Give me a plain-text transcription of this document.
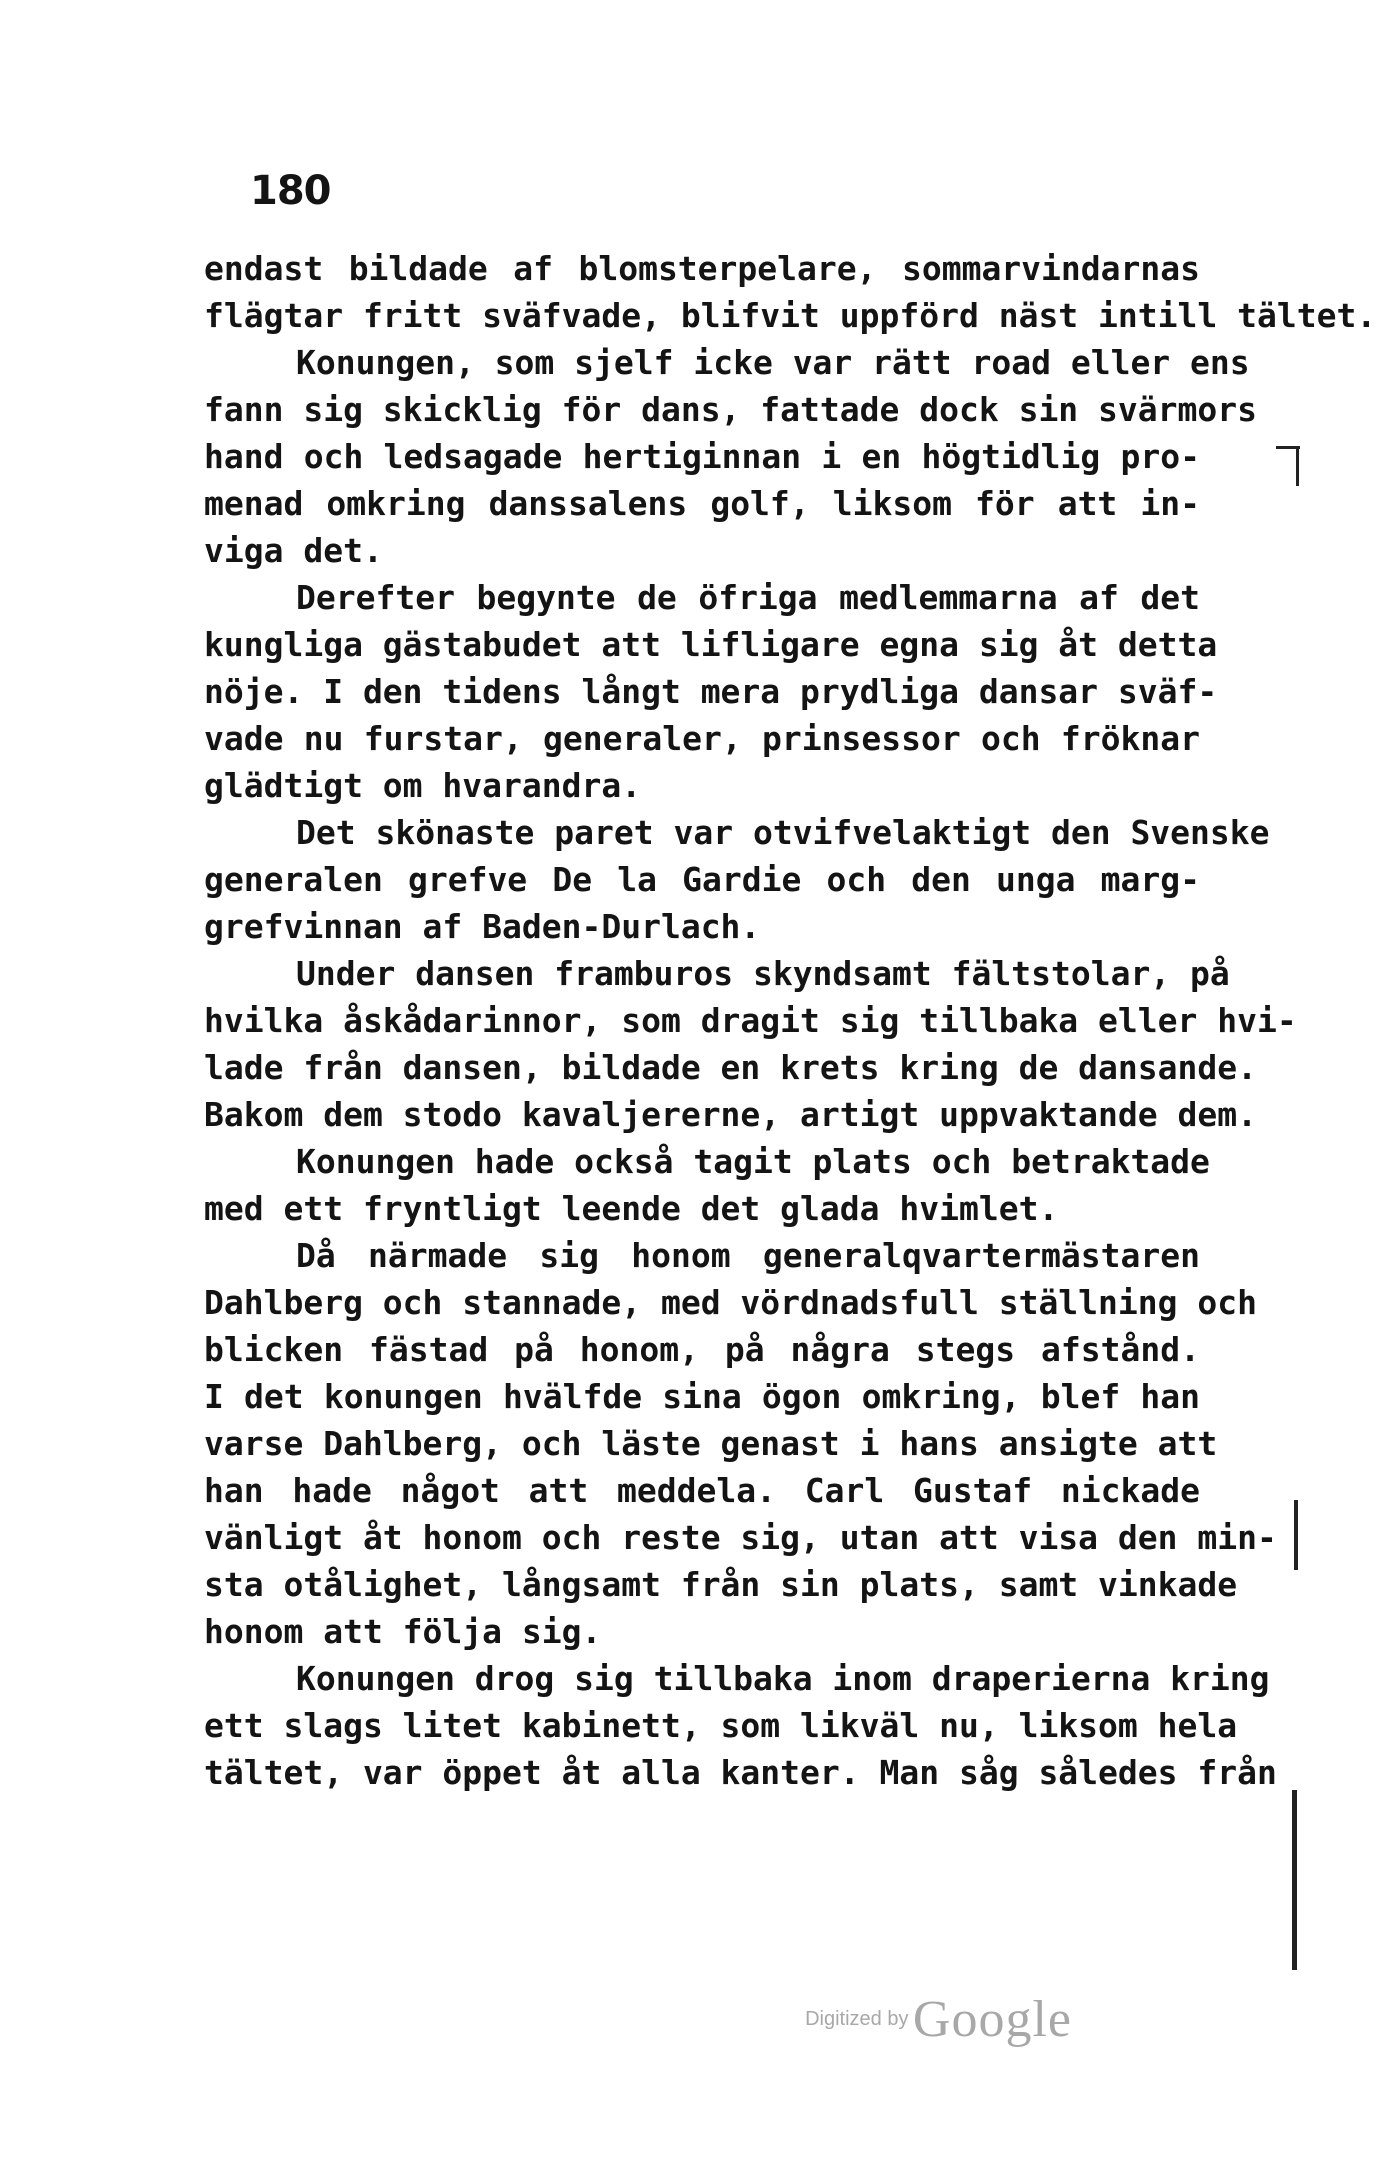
180
endast bildade af blomsterpelare, sommarvindarnas
flägtar fritt sväfvade, blifvit uppförd näst intill tältet.
Konungen, som sjelf icke var rätt road eller ens
fann sig skicklig för dans, fattade dock sin svärmors
hand och ledsagade hertiginnan i en högtidlig pro-
menad omkring danssalens golf, liksom för att in-
viga det.
Derefter begynte de öfriga medlemmarna af det
kungliga gästabudet att lifligare egna sig åt detta
nöje. I den tidens långt mera prydliga dansar sväf-
vade nu furstar, generaler, prinsessor och fröknar
glädtigt om hvarandra.
Det skönaste paret var otvifvelaktigt den Svenske
generalen grefve De la Gardie och den unga marg-
grefvinnan af Baden-Durlach.
Under dansen framburos skyndsamt fältstolar, på
hvilka åskådarinnor, som dragit sig tillbaka eller hvi-
lade från dansen, bildade en krets kring de dansande.
Bakom dem stodo kavaljererne, artigt uppvaktande dem.
Konungen hade också tagit plats och betraktade
med ett fryntligt leende det glada hvimlet.
Då närmade sig honom generalqvartermästaren
Dahlberg och stannade, med vördnadsfull ställning och
blicken fästad på honom, på några stegs afstånd.
I det konungen hvälfde sina ögon omkring, blef han
varse Dahlberg, och läste genast i hans ansigte att
han hade något att meddela. Carl Gustaf nickade
vänligt åt honom och reste sig, utan att visa den min-
sta otålighet, långsamt från sin plats, samt vinkade
honom att följa sig.
Konungen drog sig tillbaka inom draperierna kring
ett slags litet kabinett, som likväl nu, liksom hela
tältet, var öppet åt alla kanter. Man såg således från
Digitized by Google
